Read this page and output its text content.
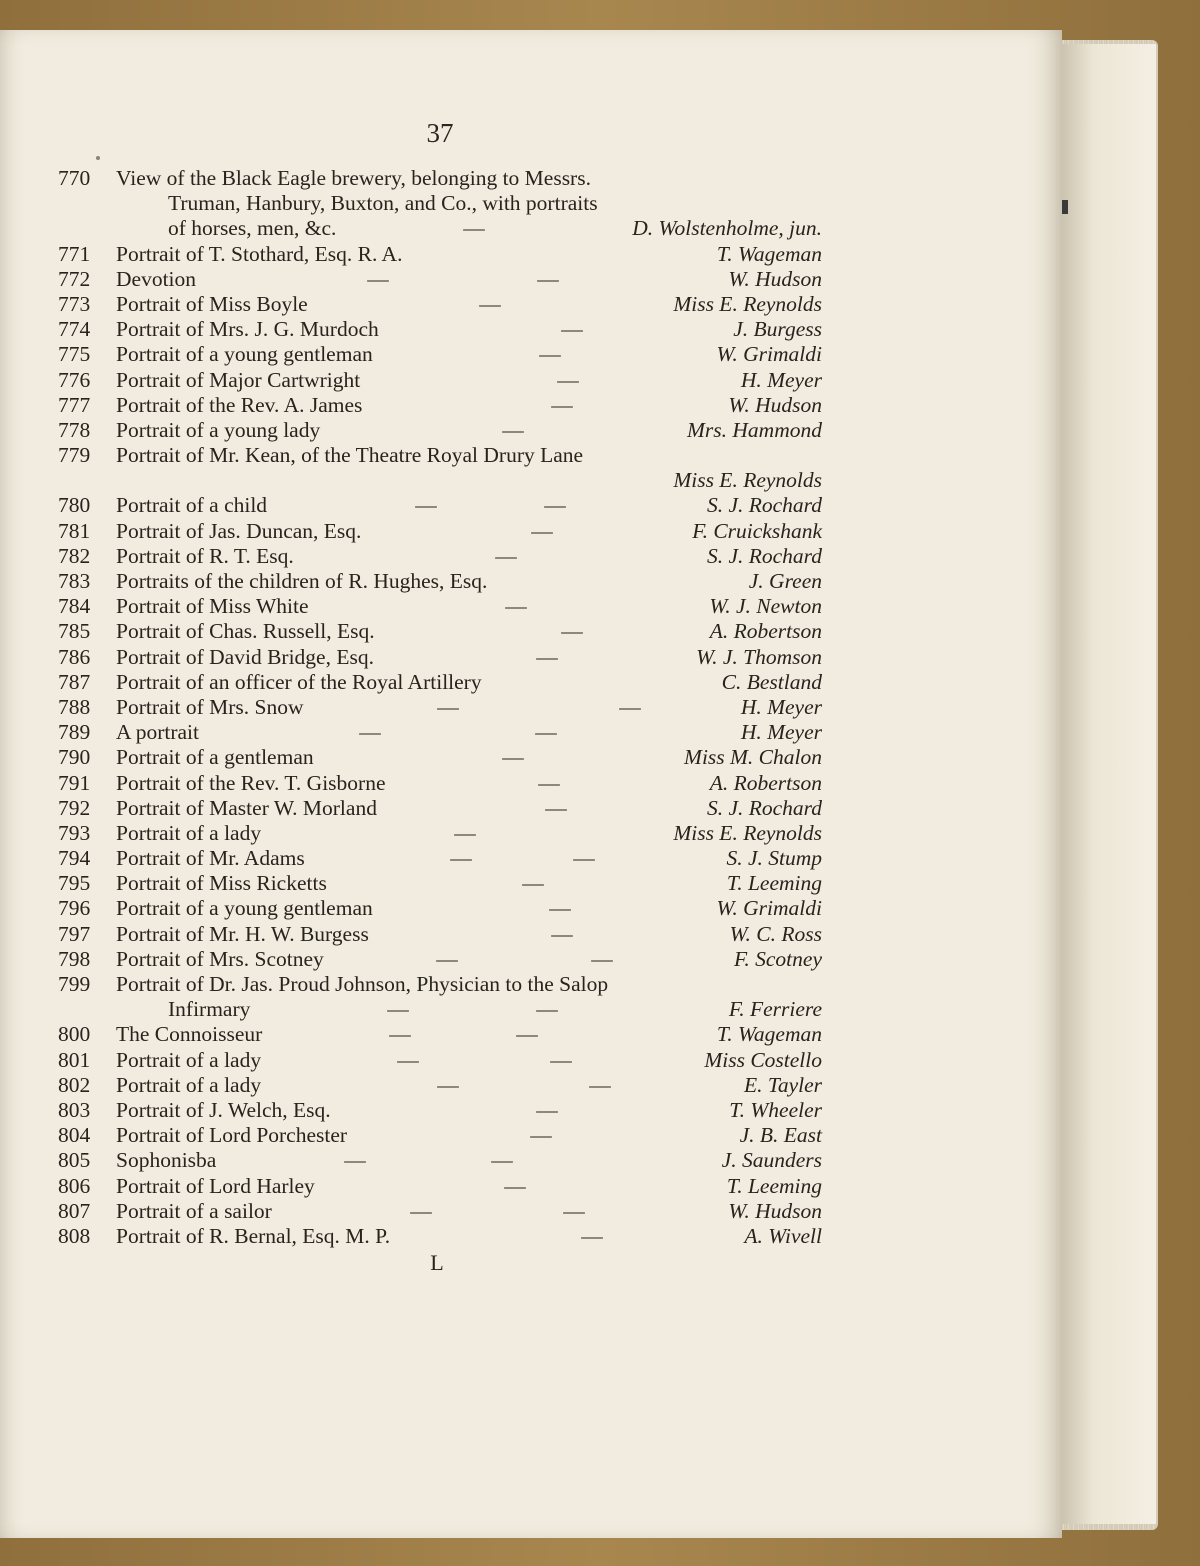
37
770	View of the Black Eagle brewery, belonging to Messrs.
Truman, Hanbury, Buxton, and Co., with portraits
of horses, men, &c.	—	D. Wolstenholme, jun.
771	Portrait of T. Stothard, Esq. R. A.	T. Wageman
772	Devotion	—	—	W. Hudson
773	Portrait of Miss Boyle	—	Miss E. Reynolds
774	Portrait of Mrs. J. G. Murdoch	—	J. Burgess
775	Portrait of a young gentleman	—	W. Grimaldi
776	Portrait of Major Cartwright	—	H. Meyer
777	Portrait of the Rev. A. James	—	W. Hudson
778	Portrait of a young lady	—	Mrs. Hammond
779	Portrait of Mr. Kean, of the Theatre Royal Drury Lane
Miss E. Reynolds
780	Portrait of a child	—	—	S. J. Rochard
781	Portrait of Jas. Duncan, Esq.	—	F. Cruickshank
782	Portrait of R. T. Esq.	—	S. J. Rochard
783	Portraits of the children of R. Hughes, Esq.	J. Green
784	Portrait of Miss White	—	W. J. Newton
785	Portrait of Chas. Russell, Esq.	—	A. Robertson
786	Portrait of David Bridge, Esq.	—	W. J. Thomson
787	Portrait of an officer of the Royal Artillery	C. Bestland
788	Portrait of Mrs. Snow	—	—	H. Meyer
789	A portrait	—	—	H. Meyer
790	Portrait of a gentleman	—	Miss M. Chalon
791	Portrait of the Rev. T. Gisborne	—	A. Robertson
792	Portrait of Master W. Morland	—	S. J. Rochard
793	Portrait of a lady	—	Miss E. Reynolds
794	Portrait of Mr. Adams	—	—	S. J. Stump
795	Portrait of Miss Ricketts	—	T. Leeming
796	Portrait of a young gentleman	—	W. Grimaldi
797	Portrait of Mr. H. W. Burgess	—	W. C. Ross
798	Portrait of Mrs. Scotney	—	—	F. Scotney
799	Portrait of Dr. Jas. Proud Johnson, Physician to the Salop
Infirmary	—	—	F. Ferriere
800	The Connoisseur	—	—	T. Wageman
801	Portrait of a lady	—	—	Miss Costello
802	Portrait of a lady	—	—	E. Tayler
803	Portrait of J. Welch, Esq.	—	T. Wheeler
804	Portrait of Lord Porchester	—	J. B. East
805	Sophonisba	—	—	J. Saunders
806	Portrait of Lord Harley	—	T. Leeming
807	Portrait of a sailor	—	—	W. Hudson
808	Portrait of R. Bernal, Esq. M. P.	—	A. Wivell
L
